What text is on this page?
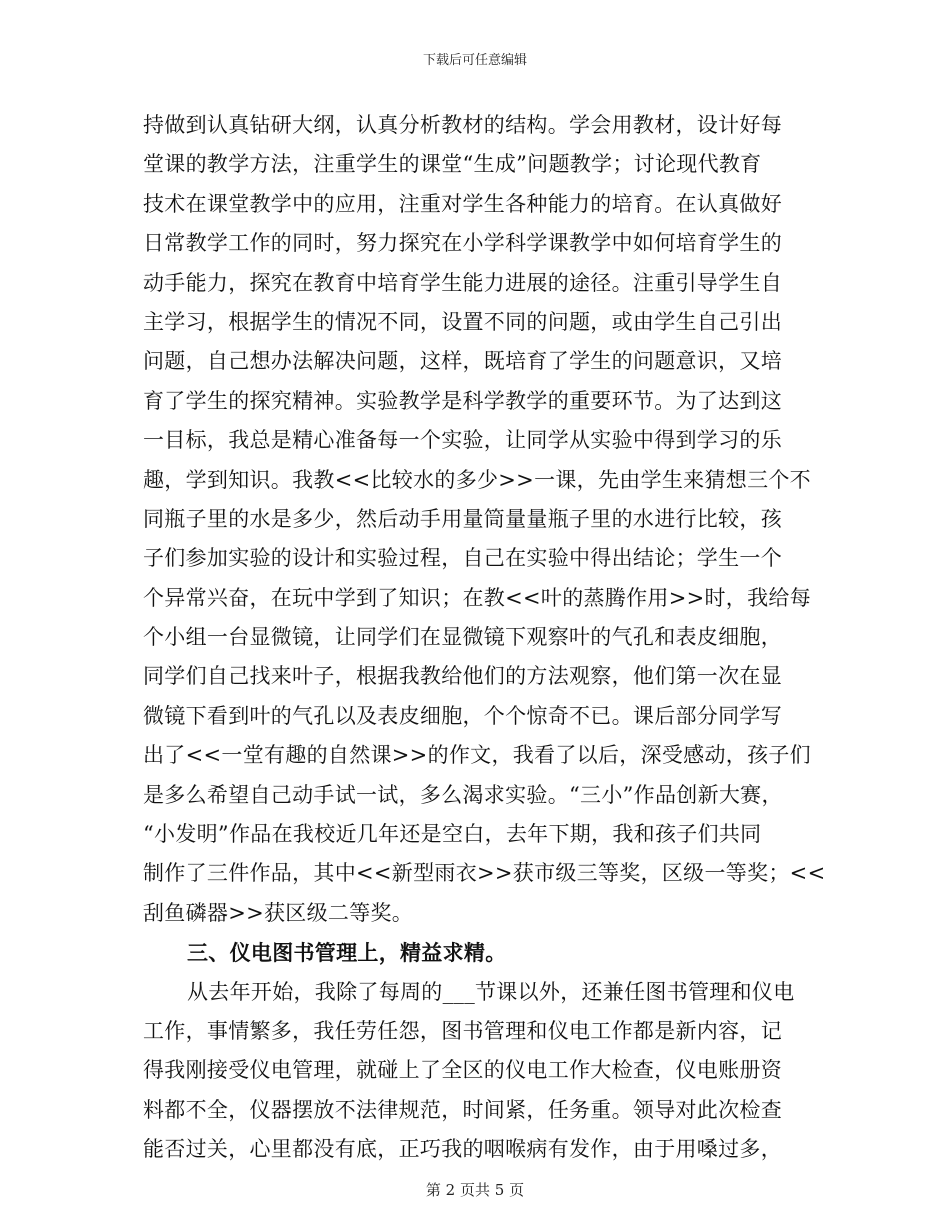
下载后可任意编辑
持做到认真钻研大纲，认真分析教材的结构。学会用教材，设计好每
堂课的教学方法，注重学生的课堂“生成”问题教学；讨论现代教育
技术在课堂教学中的应用，注重对学生各种能力的培育。在认真做好
日常教学工作的同时，努力探究在小学科学课教学中如何培育学生的
动手能力，探究在教育中培育学生能力进展的途径。注重引导学生自
主学习，根据学生的情况不同，设置不同的问题，或由学生自己引出
问题，自己想办法解决问题，这样，既培育了学生的问题意识，又培
育了学生的探究精神。实验教学是科学教学的重要环节。为了达到这
一目标，我总是精心准备每一个实验，让同学从实验中得到学习的乐
趣，学到知识。我教<<比较水的多少>>一课，先由学生来猜想三个不
同瓶子里的水是多少，然后动手用量筒量量瓶子里的水进行比较，孩
子们参加实验的设计和实验过程，自己在实验中得出结论；学生一个
个异常兴奋，在玩中学到了知识；在教<<叶的蒸腾作用>>时，我给每
个小组一台显微镜，让同学们在显微镜下观察叶的气孔和表皮细胞，
同学们自己找来叶子，根据我教给他们的方法观察，他们第一次在显
微镜下看到叶的气孔以及表皮细胞，个个惊奇不已。课后部分同学写
出了<<一堂有趣的自然课>>的作文，我看了以后，深受感动，孩子们
是多么希望自己动手试一试，多么渴求实验。“三小”作品创新大赛，
“小发明”作品在我校近几年还是空白，去年下期，我和孩子们共同
制作了三件作品，其中<<新型雨衣>>获市级三等奖，区级一等奖；<<
刮鱼磷器>>获区级二等奖。
三、仪电图书管理上，精益求精。
从去年开始，我除了每周的___节课以外，还兼任图书管理和仪电
工作，事情繁多，我任劳任怨，图书管理和仪电工作都是新内容，记
得我刚接受仪电管理，就碰上了全区的仪电工作大检查，仪电账册资
料都不全，仪器摆放不法律规范，时间紧，任务重。领导对此次检查
能否过关，心里都没有底，正巧我的咽喉病有发作，由于用嗓过多，
第 2 页共 5 页
